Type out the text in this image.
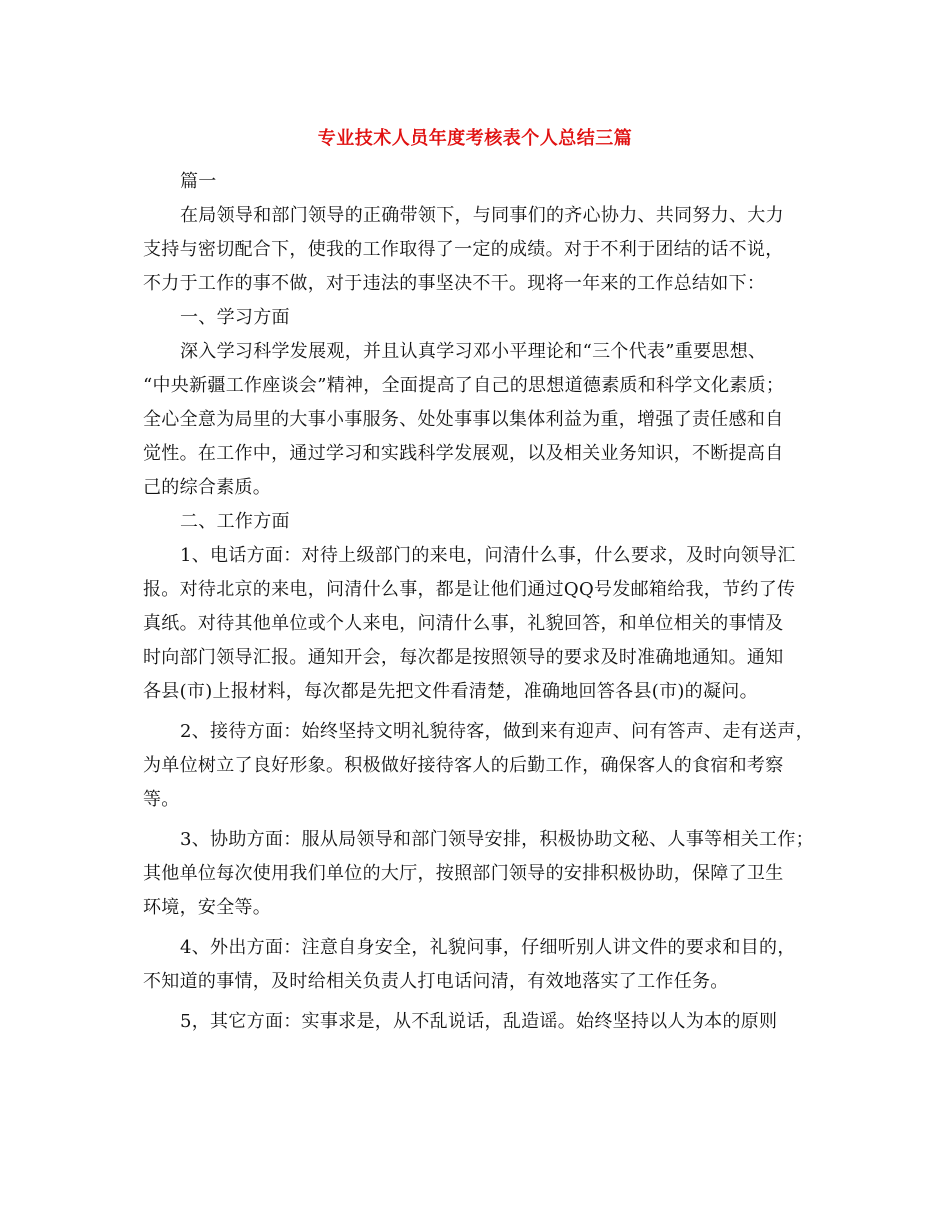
专业技术人员年度考核表个人总结三篇
篇一
在局领导和部门领导的正确带领下，与同事们的齐心协力、共同努力、大力
支持与密切配合下，使我的工作取得了一定的成绩。对于不利于团结的话不说，
不力于工作的事不做，对于违法的事坚决不干。现将一年来的工作总结如下：
一、学习方面
深入学习科学发展观，并且认真学习邓小平理论和“三个代表”重要思想、
“中央新疆工作座谈会”精神，全面提高了自己的思想道德素质和科学文化素质；
全心全意为局里的大事小事服务、处处事事以集体利益为重，增强了责任感和自
觉性。在工作中，通过学习和实践科学发展观，以及相关业务知识，不断提高自
己的综合素质。
二、工作方面
1、电话方面：对待上级部门的来电，问清什么事，什么要求，及时向领导汇
报。对待北京的来电，问清什么事，都是让他们通过QQ号发邮箱给我，节约了传
真纸。对待其他单位或个人来电，问清什么事，礼貌回答，和单位相关的事情及
时向部门领导汇报。通知开会，每次都是按照领导的要求及时准确地通知。通知
各县(市)上报材料，每次都是先把文件看清楚，准确地回答各县(市)的凝问。
2、接待方面：始终坚持文明礼貌待客，做到来有迎声、问有答声、走有送声，
为单位树立了良好形象。积极做好接待客人的后勤工作，确保客人的食宿和考察
等。
3、协助方面：服从局领导和部门领导安排，积极协助文秘、人事等相关工作；
其他单位每次使用我们单位的大厅，按照部门领导的安排积极协助，保障了卫生
环境，安全等。
4、外出方面：注意自身安全，礼貌问事，仔细听别人讲文件的要求和目的，
不知道的事情，及时给相关负责人打电话问清，有效地落实了工作任务。
5，其它方面：实事求是，从不乱说话，乱造谣。始终坚持以人为本的原则
